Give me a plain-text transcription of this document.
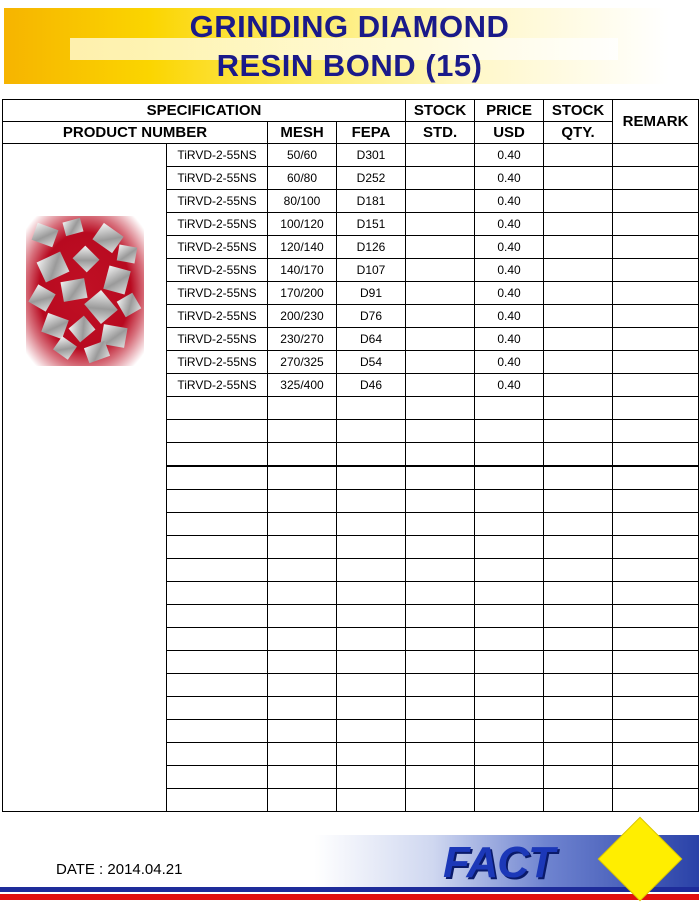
GRINDING DIAMOND
RESIN BOND (15)
SPECIFICATION				STOCK	PRICE	STOCK	REMARK
PRODUCT NUMBER		MESH	FEPA	STD.	USD	QTY.	

	TiRVD-2-55NS	50/60	D301		0.40		
	TiRVD-2-55NS	60/80	D252		0.40		
	TiRVD-2-55NS	80/100	D181		0.40		
	TiRVD-2-55NS	100/120	D151		0.40		
	TiRVD-2-55NS	120/140	D126		0.40		
	TiRVD-2-55NS	140/170	D107		0.40		
	TiRVD-2-55NS	170/200	D91		0.40		
	TiRVD-2-55NS	200/230	D76		0.40		
	TiRVD-2-55NS	230/270	D64		0.40		
	TiRVD-2-55NS	270/325	D54		0.40		
	TiRVD-2-55NS	325/400	D46		0.40		

DATE : 2014.04.21	FACT
